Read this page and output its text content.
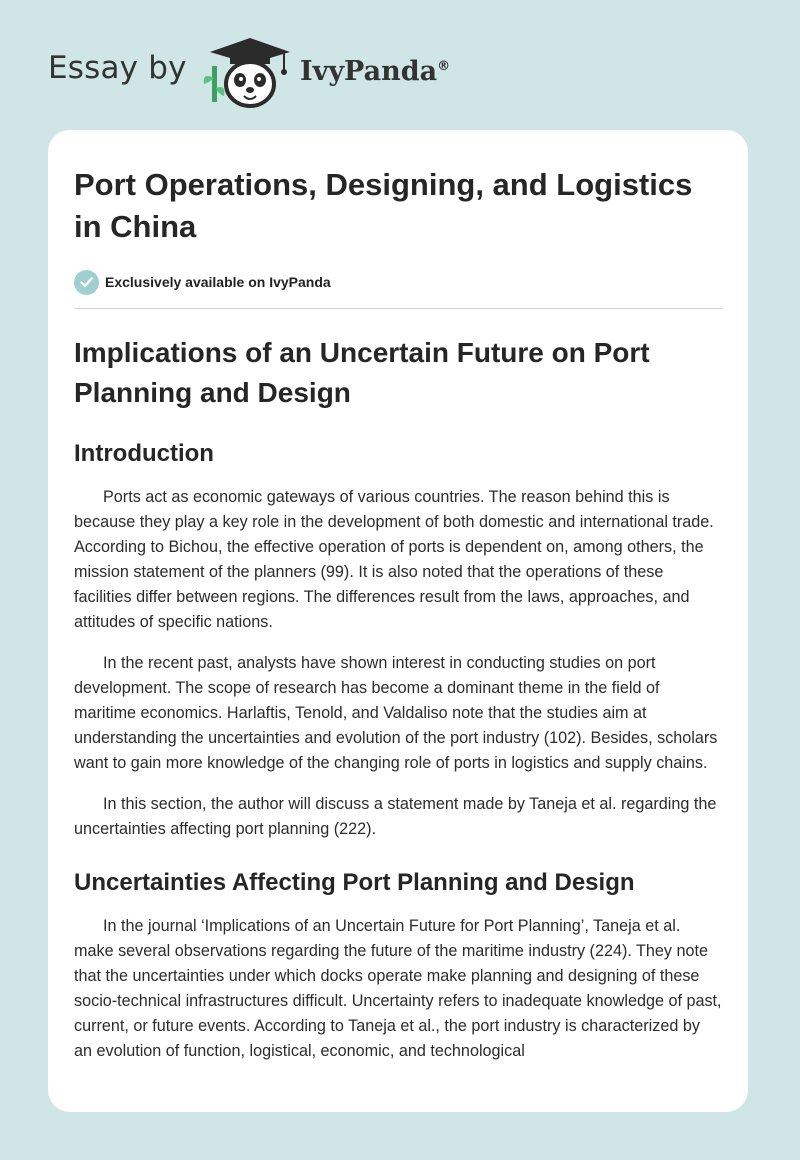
Essay by	IvyPanda®
Port Operations, Designing, and Logistics in China
Exclusively available on IvyPanda
Implications of an Uncertain Future on Port Planning and Design
Introduction

Ports act as economic gateways of various countries. The reason behind this is because they play a key role in the development of both domestic and international trade. According to Bichou, the effective operation of ports is dependent on, among others, the mission statement of the planners (99). It is also noted that the operations of these facilities differ between regions. The differences result from the laws, approaches, and attitudes of specific nations.

In the recent past, analysts have shown interest in conducting studies on port development. The scope of research has become a dominant theme in the field of maritime economics. Harlaftis, Tenold, and Valdaliso note that the studies aim at understanding the uncertainties and evolution of the port industry (102). Besides, scholars want to gain more knowledge of the changing role of ports in logistics and supply chains.

In this section, the author will discuss a statement made by Taneja et al. regarding the uncertainties affecting port planning (222).

Uncertainties Affecting Port Planning and Design

In the journal ‘Implications of an Uncertain Future for Port Planning’, Taneja et al. make several observations regarding the future of the maritime industry (224). They note that the uncertainties under which docks operate make planning and designing of these socio-technical infrastructures difficult. Uncertainty refers to inadequate knowledge of past, current, or future events. According to Taneja et al., the port industry is characterized by an evolution of function, logistical, economic, and technological
